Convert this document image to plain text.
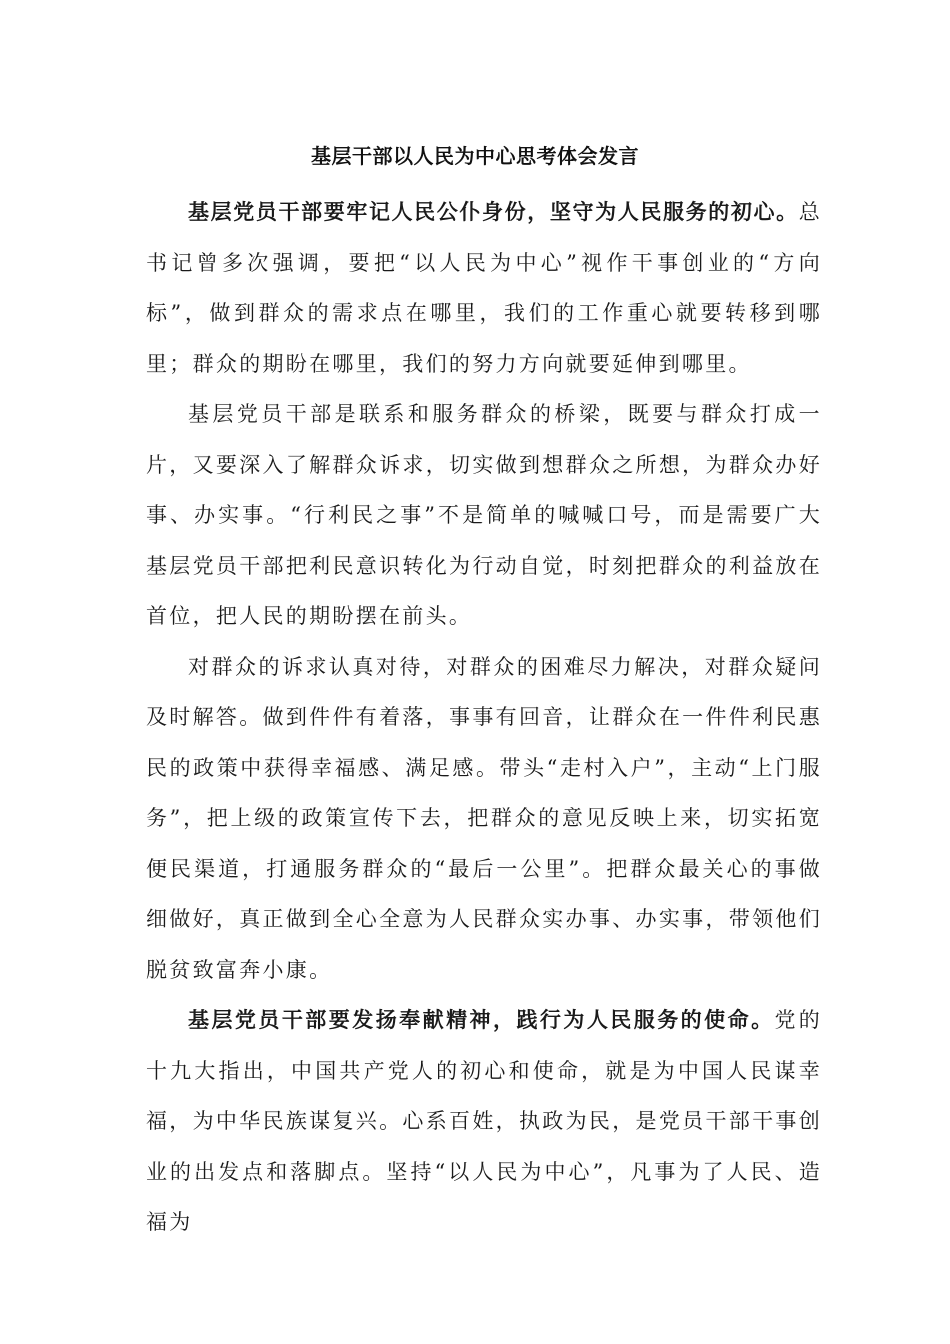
基层干部以人民为中心思考体会发言

基层党员干部要牢记人民公仆身份，坚守为人民服务的初心。总书记曾多次强调，要把“以人民为中心”视作干事创业的“方向标”，做到群众的需求点在哪里，我们的工作重心就要转移到哪里；群众的期盼在哪里，我们的努力方向就要延伸到哪里。

基层党员干部是联系和服务群众的桥梁，既要与群众打成一片，又要深入了解群众诉求，切实做到想群众之所想，为群众办好事、办实事。“行利民之事”不是简单的喊喊口号，而是需要广大基层党员干部把利民意识转化为行动自觉，时刻把群众的利益放在首位，把人民的期盼摆在前头。

对群众的诉求认真对待，对群众的困难尽力解决，对群众疑问及时解答。做到件件有着落，事事有回音，让群众在一件件利民惠民的政策中获得幸福感、满足感。带头“走村入户”，主动“上门服务”，把上级的政策宣传下去，把群众的意见反映上来，切实拓宽便民渠道，打通服务群众的“最后一公里”。把群众最关心的事做细做好，真正做到全心全意为人民群众实办事、办实事，带领他们脱贫致富奔小康。

基层党员干部要发扬奉献精神，践行为人民服务的使命。党的十九大指出，中国共产党人的初心和使命，就是为中国人民谋幸福，为中华民族谋复兴。心系百姓，执政为民，是党员干部干事创业的出发点和落脚点。坚持“以人民为中心”，凡事为了人民、造福为
